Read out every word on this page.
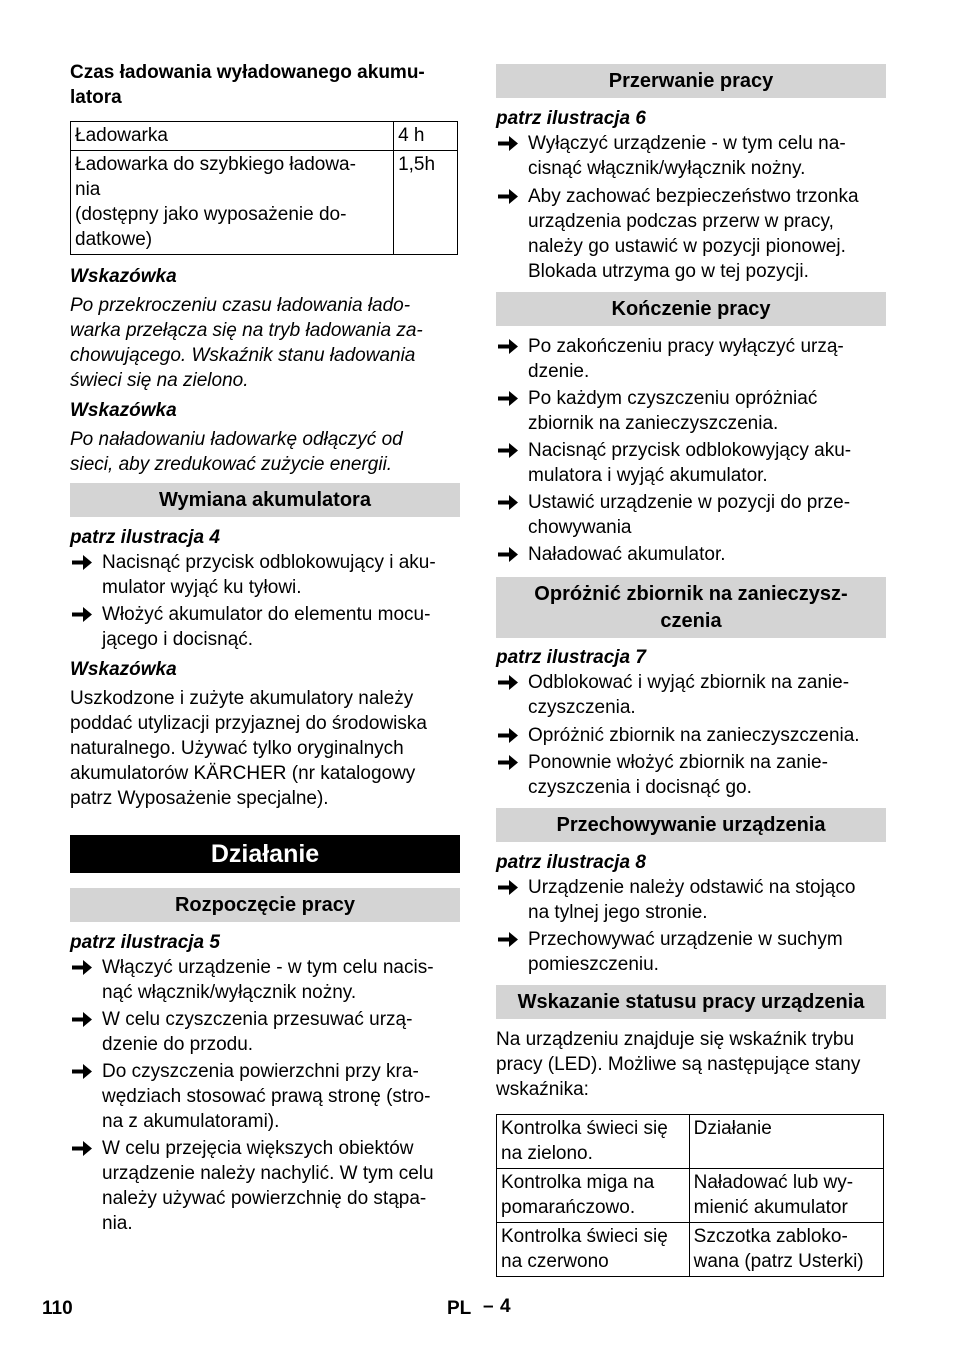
Czas ładowania wyładowanego akumu-
latora
Ładowarka	4 h
Ładowarka do szybkiego ładowa-
nia
(dostępny jako wyposażenie do-
datkowe)	1,5h
Wskazówka
Po przekroczeniu czasu ładowania łado-
warka przełącza się na tryb ładowania za-
chowującego. Wskaźnik stanu ładowania
świeci się na zielono.
Wskazówka
Po naładowaniu ładowarkę odłączyć od
sieci, aby zredukować zużycie energii.
Wymiana akumulatora
patrz ilustracja 4
Nacisnąć przycisk odblokowujący i aku-
mulator wyjąć ku tyłowi.
Włożyć akumulator do elementu mocu-
jącego i docisnąć.
Wskazówka
Uszkodzone i zużyte akumulatory należy
poddać utylizacji przyjaznej do środowiska
naturalnego. Używać tylko oryginalnych
akumulatorów KÄRCHER (nr katalogowy
patrz Wyposażenie specjalne).
Działanie
Rozpoczęcie pracy
patrz ilustracja 5
Włączyć urządzenie - w tym celu nacis-
nąć włącznik/wyłącznik nożny.
W celu czyszczenia przesuwać urzą-
dzenie do przodu.
Do czyszczenia powierzchni przy kra-
wędziach stosować prawą stronę (stro-
na z akumulatorami).
W celu przejęcia większych obiektów
urządzenie należy nachylić. W tym celu
należy używać powierzchnię do stąpa-
nia.
Przerwanie pracy
patrz ilustracja 6
Wyłączyć urządzenie - w tym celu na-
cisnąć włącznik/wyłącznik nożny.
Aby zachować bezpieczeństwo trzonka
urządzenia podczas przerw w pracy,
należy go ustawić w pozycji pionowej.
Blokada utrzyma go w tej pozycji.
Kończenie pracy
Po zakończeniu pracy wyłączyć urzą-
dzenie.
Po każdym czyszczeniu opróżniać
zbiornik na zanieczyszczenia.
Nacisnąć przycisk odblokowyjący aku-
mulatora i wyjąć akumulator.
Ustawić urządzenie w pozycji do prze-
chowywania
Naładować akumulator.
Opróżnić zbiornik na zanieczysz-
czenia
patrz ilustracja 7
Odblokować i wyjąć zbiornik na zanie-
czyszczenia.
Opróżnić zbiornik na zanieczyszczenia.
Ponownie włożyć zbiornik na zanie-
czyszczenia i docisnąć go.
Przechowywanie urządzenia
patrz ilustracja 8
Urządzenie należy odstawić na stojąco
na tylnej jego stronie.
Przechowywać urządzenie w suchym
pomieszczeniu.
Wskazanie statusu pracy urządzenia
Na urządzeniu znajduje się wskaźnik trybu
pracy (LED). Możliwe są następujące stany
wskaźnika:
Kontrolka świeci się
na zielono.	Działanie
Kontrolka miga na
pomarańczowo.	Naładować lub wy-
mienić akumulator
Kontrolka świeci się
na czerwono	Szczotka zabloko-
wana (patrz Usterki)
110	PL – 4
